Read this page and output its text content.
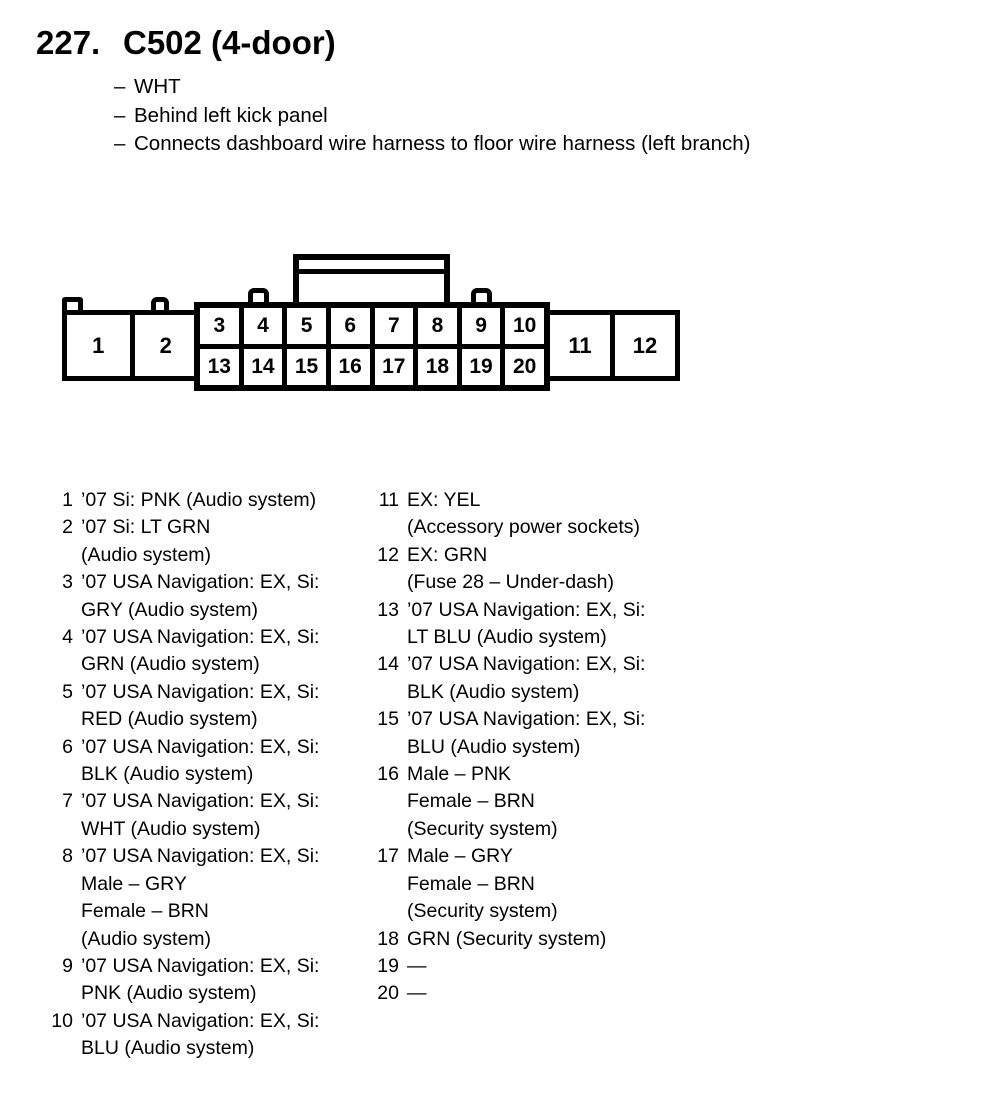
227. C502 (4-door)
– WHT
– Behind left kick panel
– Connects dashboard wire harness to floor wire harness (left branch)
1	2
3	4	5	6	7	8	9	10
13 14 15 16 17 18 19 20
11	12
1 ’07 Si: PNK (Audio system)
2 ’07 Si: LT GRN
(Audio system)
3 ’07 USA Navigation: EX, Si:
GRY (Audio system)
4 ’07 USA Navigation: EX, Si:
GRN (Audio system)
5 ’07 USA Navigation: EX, Si:
RED (Audio system)
6 ’07 USA Navigation: EX, Si:
BLK (Audio system)
7 ’07 USA Navigation: EX, Si:
WHT (Audio system)
8 ’07 USA Navigation: EX, Si:
Male – GRY
Female – BRN
(Audio system)
9 ’07 USA Navigation: EX, Si:
PNK (Audio system)
10 ’07 USA Navigation: EX, Si:
BLU (Audio system)
11 EX: YEL
(Accessory power sockets)
12 EX: GRN
(Fuse 28 – Under-dash)
13 ’07 USA Navigation: EX, Si:
LT BLU (Audio system)
14 ’07 USA Navigation: EX, Si:
BLK (Audio system)
15 ’07 USA Navigation: EX, Si:
BLU (Audio system)
16 Male – PNK
Female – BRN
(Security system)
17 Male – GRY
Female – BRN
(Security system)
18 GRN (Security system)
19 —
20 —
